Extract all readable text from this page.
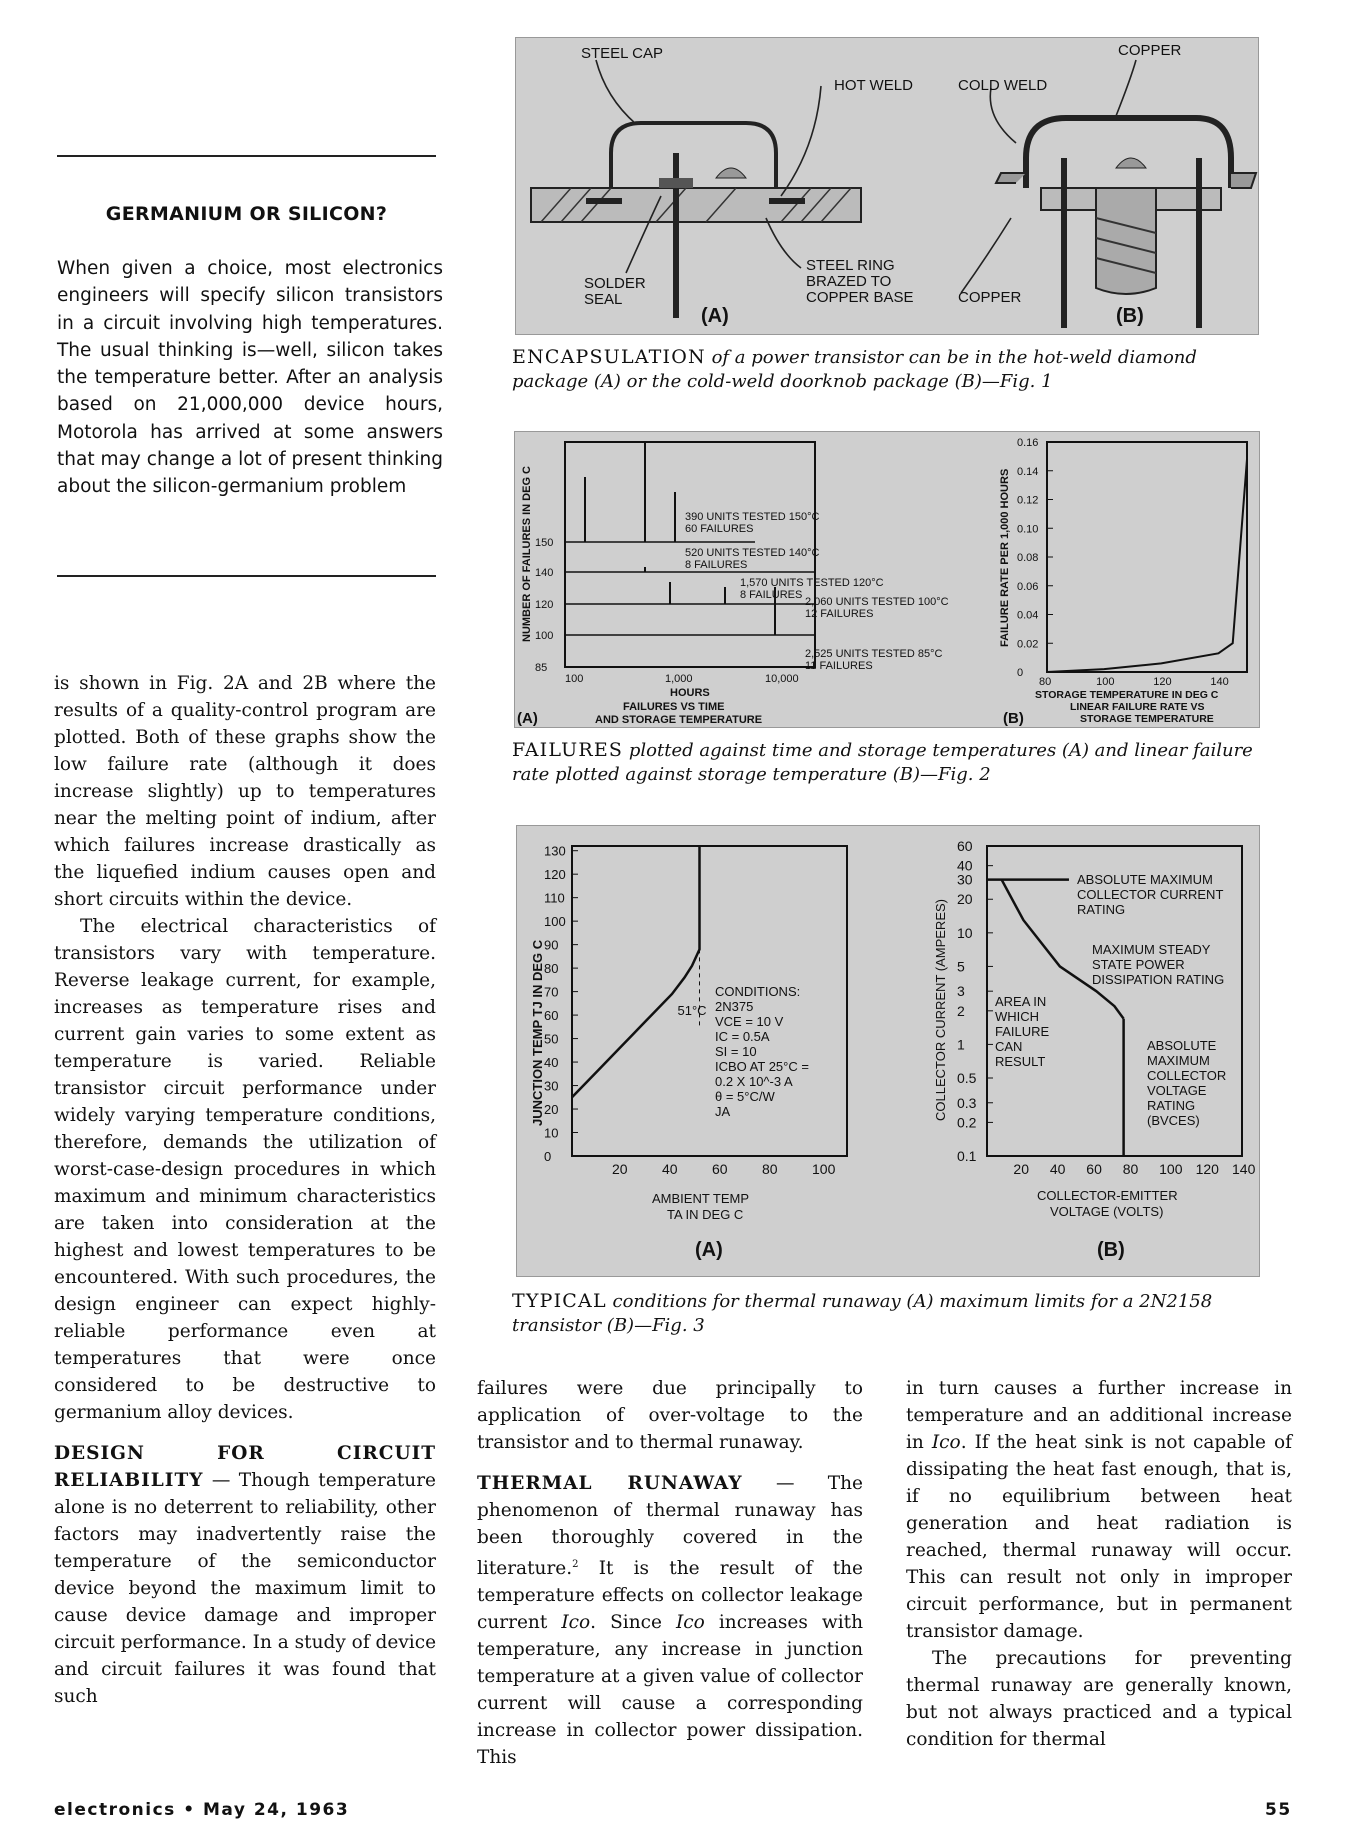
GERMANIUM OR SILICON?
When given a choice, most electronics engineers will specify silicon transistors in a circuit involving high temperatures. The usual thinking is—well, silicon takes the temperature better. After an analysis based on 21,000,000 device hours, Motorola has arrived at some answers that may change a lot of present thinking about the silicon-germanium problem

is shown in Fig. 2A and 2B where the results of a quality-control program are plotted. Both of these graphs show the low failure rate (although it does increase slightly) up to temperatures near the melting point of indium, after which failures increase drastically as the liquefied indium causes open and short circuits within the device.

The electrical characteristics of transistors vary with temperature. Reverse leakage current, for example, increases as temperature rises and current gain varies to some extent as temperature is varied. Reliable transistor circuit performance under widely varying temperature conditions, therefore, demands the utilization of worst-case-design procedures in which maximum and minimum characteristics are taken into consideration at the highest and lowest temperatures to be encountered. With such procedures, the design engineer can expect highly-reliable performance even at temperatures that were once considered to be destructive to germanium alloy devices.

DESIGN FOR CIRCUIT RELIABILITY — Though temperature alone is no deterrent to reliability, other factors may inadvertently raise the temperature of the semiconductor device beyond the maximum limit to cause device damage and improper circuit performance. In a study of device and circuit failures it was found that such

failures were due principally to application of over-voltage to the transistor and to thermal runaway.

THERMAL RUNAWAY — The phenomenon of thermal runaway has been thoroughly covered in the literature.$^2$ It is the result of the temperature effects on collector leakage current Ico. Since Ico increases with temperature, any increase in junction temperature at a given value of collector current will cause a corresponding increase in collector power dissipation. This

in turn causes a further increase in temperature and an additional increase in Ico. If the heat sink is not capable of dissipating the heat fast enough, that is, if no equilibrium between heat generation and heat radiation is reached, thermal runaway will occur. This can result not only in improper circuit performance, but in permanent transistor damage.

The precautions for preventing thermal runaway are generally known, but not always practiced and a typical condition for thermal

STEEL CAP
HOT WELD
COPPER
COLD WELD
SOLDER SEAL
STEEL RING BRAZED TO COPPER BASE	COPPER
(A)	(B)
ENCAPSULATION of a power transistor can be in the hot-weld diamond package (A) or the cold-weld doorknob package (B)—Fig. 1
100	1,000	10,000
85
100
120
140
150
390 UNITS TESTED 150°C
60 FAILURES
520 UNITS TESTED 140°C
8 FAILURES
1,570 UNITS TESTED 120°C
8 FAILURES
2,060 UNITS TESTED 100°C
12 FAILURES
2,525 UNITS TESTED 85°C
11 FAILURES
NUMBER OF FAILURES IN DEG C
HOURS
FAILURES VS TIME
AND STORAGE TEMPERATURE
(A)
0
0.02
0.04
0.06
0.08
0.10
0.12
0.14
0.16
80	100	120	140
FAILURE RATE PER 1,000 HOURS
STORAGE TEMPERATURE IN DEG C
LINEAR FAILURE RATE VS
STORAGE TEMPERATURE
(B)
FAILURES plotted against time and storage temperatures (A) and linear failure rate plotted against storage temperature (B)—Fig. 2
0
10
20
30
40
50
60
70
80
90
100
110
120
130
20 40 60 80 100
51°C
CONDITIONS:
2N375
VCE = 10 V
IC = 0.5A
SI = 10
ICBO AT 25°C =
0.2 X 10^-3 A
θ = 5°C/W
JA
JUNCTION TEMP TJ IN DEG C
AMBIENT TEMP
TA IN DEG C
(A)
0.1
0.2
0.3
0.5
1
2
3
5
10
20
30
40
60
20 40 60 80 100 120 140
ABSOLUTE MAXIMUM
COLLECTOR CURRENT
RATING
MAXIMUM STEADY
STATE POWER
DISSIPATION RATING
ABSOLUTE
MAXIMUM
COLLECTOR
VOLTAGE
RATING
(BVCES)
AREA IN
WHICH
FAILURE
CAN
RESULT
COLLECTOR CURRENT (AMPERES)
COLLECTOR-EMITTER
VOLTAGE (VOLTS)
(B)
TYPICAL conditions for thermal runaway (A) maximum limits for a 2N2158 transistor (B)—Fig. 3
electronics • May 24, 1963	55
